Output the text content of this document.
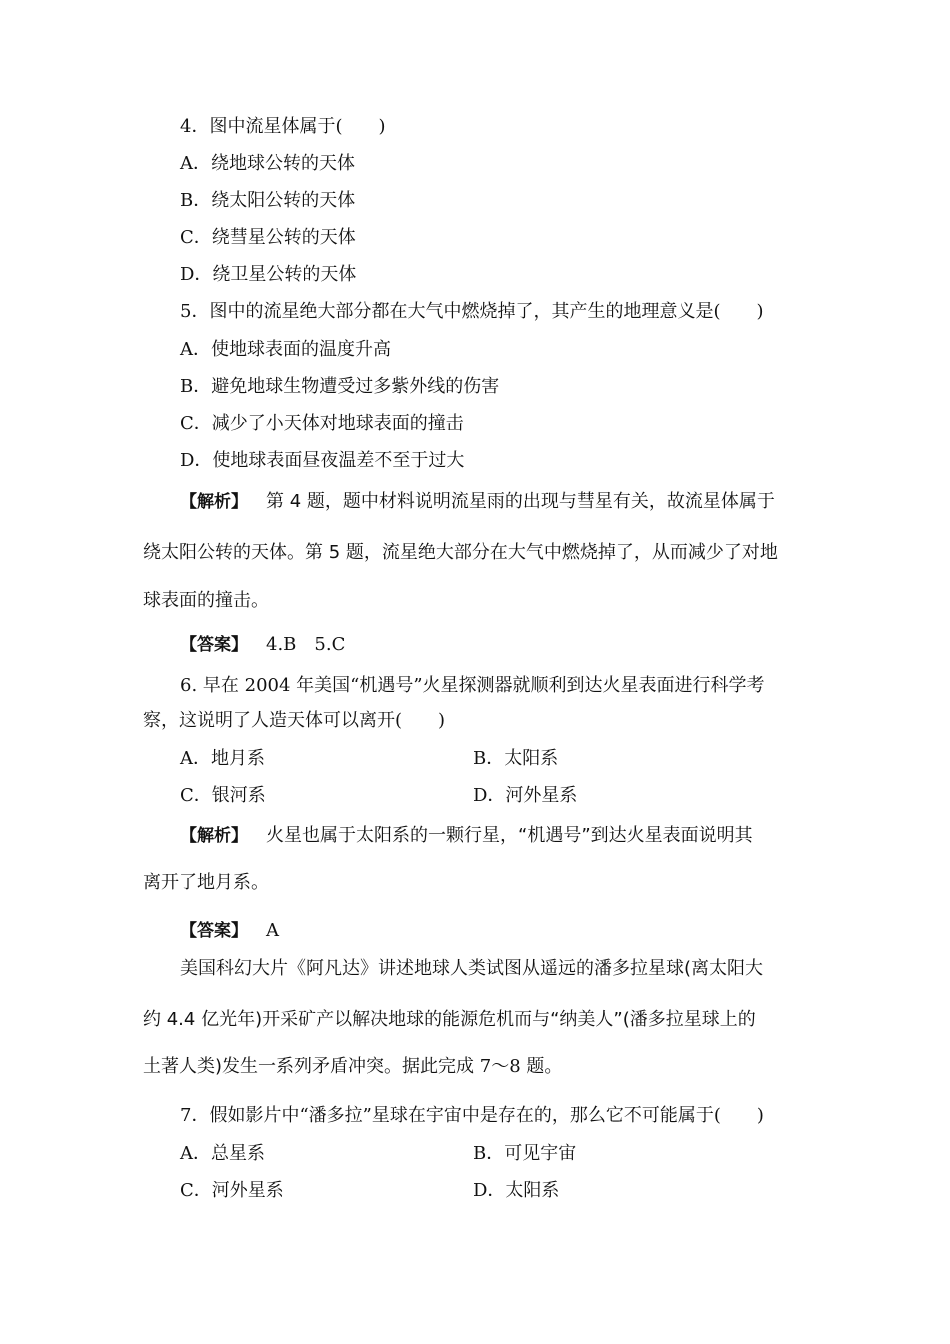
4．图中流星体属于(　　)
A．绕地球公转的天体
B．绕太阳公转的天体
C．绕彗星公转的天体
D．绕卫星公转的天体
5．图中的流星绝大部分都在大气中燃烧掉了，其产生的地理意义是(　　)
A．使地球表面的温度升高
B．避免地球生物遭受过多紫外线的伤害
C．减少了小天体对地球表面的撞击
D．使地球表面昼夜温差不至于过大
【解析】 第 4 题，题中材料说明流星雨的出现与彗星有关，故流星体属于
绕太阳公转的天体。第 5 题，流星绝大部分在大气中燃烧掉了，从而减少了对地
球表面的撞击。
【答案】 4.B　5.C
6. 早在 2004 年美国“机遇号”火星探测器就顺利到达火星表面进行科学考
察，这说明了人造天体可以离开(　　)
A．地月系	B．太阳系
C．银河系	D．河外星系
【解析】 火星也属于太阳系的一颗行星，“机遇号”到达火星表面说明其
离开了地月系。
【答案】 A
美国科幻大片《阿凡达》讲述地球人类试图从遥远的潘多拉星球(离太阳大
约 4.4 亿光年)开采矿产以解决地球的能源危机而与“纳美人”(潘多拉星球上的
土著人类)发生一系列矛盾冲突。据此完成 7～8 题。
7．假如影片中“潘多拉”星球在宇宙中是存在的，那么它不可能属于(　　)
A．总星系	B．可见宇宙
C．河外星系	D．太阳系
